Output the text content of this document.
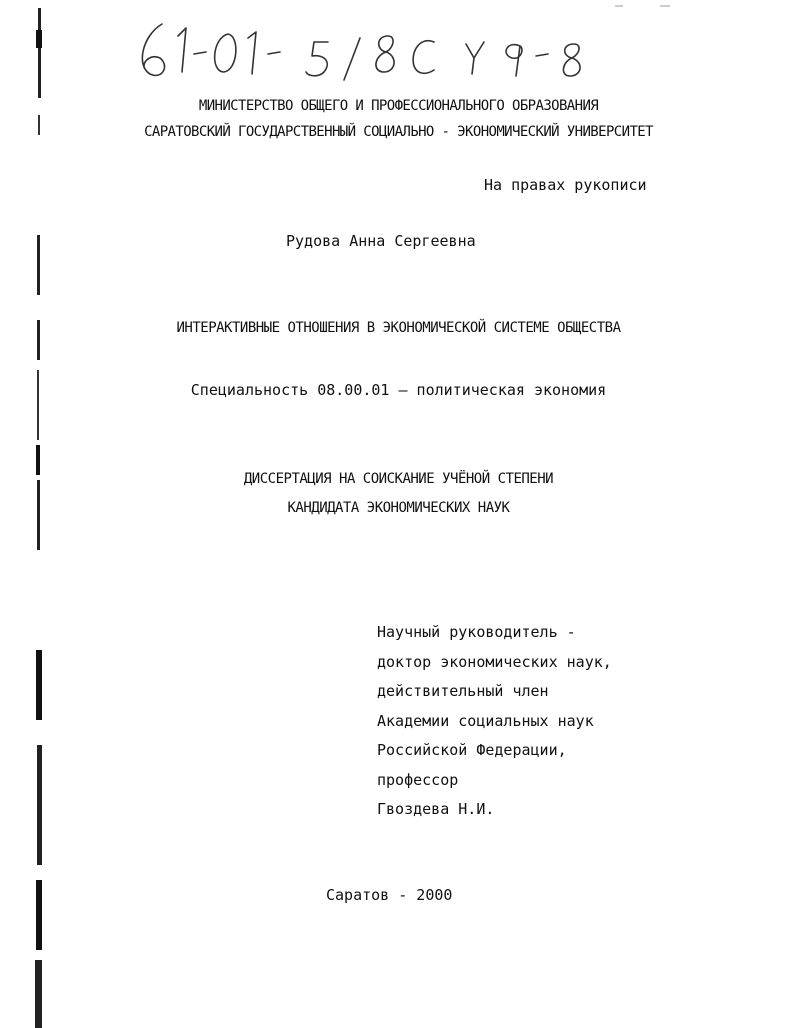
МИНИСТЕРСТВО ОБЩЕГО И ПРОФЕССИОНАЛЬНОГО ОБРАЗОВАНИЯ
САРАТОВСКИЙ ГОСУДАРСТВЕННЫЙ СОЦИАЛЬНО - ЭКОНОМИЧЕСКИЙ УНИВЕРСИТЕТ
На правах рукописи
Рудова Анна Сергеевна
ИНТЕРАКТИВНЫЕ ОТНОШЕНИЯ В ЭКОНОМИЧЕСКОЙ СИСТЕМЕ ОБЩЕСТВА
Специальность 08.00.01 — политическая экономия
ДИССЕРТАЦИЯ НА СОИСКАНИЕ УЧЁНОЙ СТЕПЕНИ
КАНДИДАТА ЭКОНОМИЧЕСКИХ НАУК
Научный руководитель -
доктор экономических наук,
действительный член
Академии социальных наук
Российской Федерации,
профессор
Гвоздева Н.И.
Саратов - 2000
